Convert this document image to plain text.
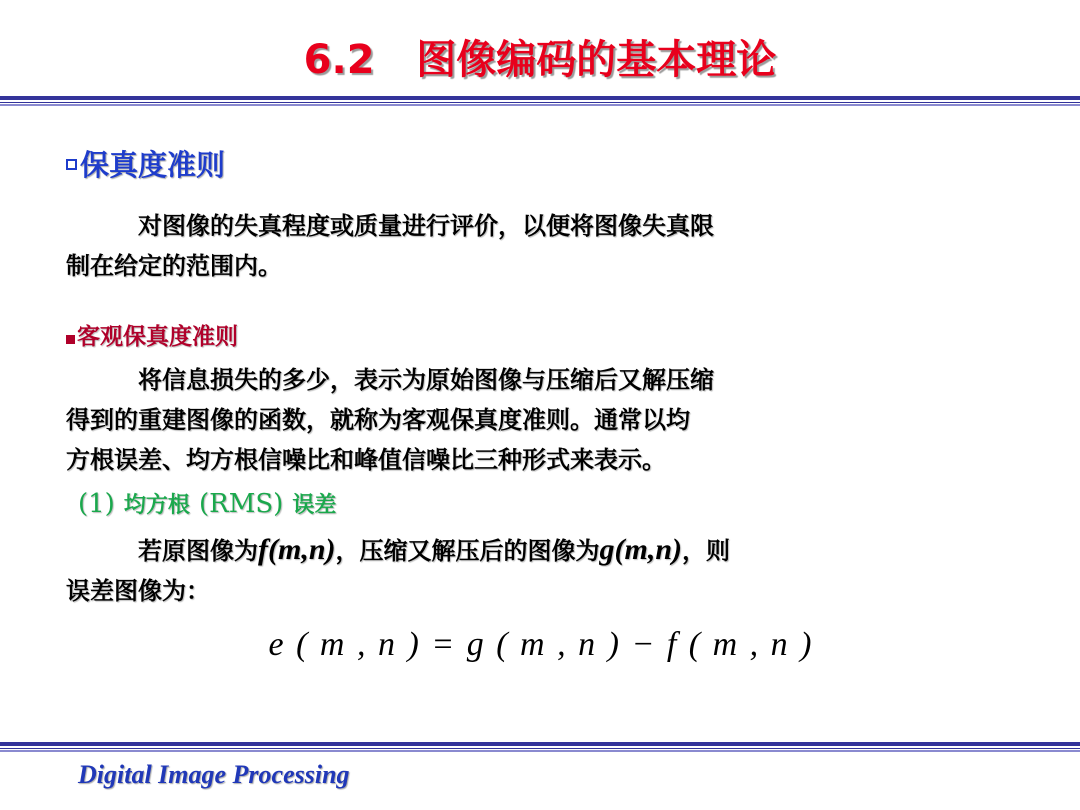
6.2   图像编码的基本理论
保真度准则
对图像的失真程度或质量进行评价，以便将图像失真限
制在给定的范围内。
客观保真度准则
将信息损失的多少，表示为原始图像与压缩后又解压缩
得到的重建图像的函数，就称为客观保真度准则。通常以均
方根误差、均方根信噪比和峰值信噪比三种形式来表示。
(1) 均方根 (RMS) 误差
若原图像为f(m,n)，压缩又解压后的图像为g(m,n)，则
误差图像为：
e ( m , n ) = g ( m , n ) − f ( m , n )
Digital Image Processing
